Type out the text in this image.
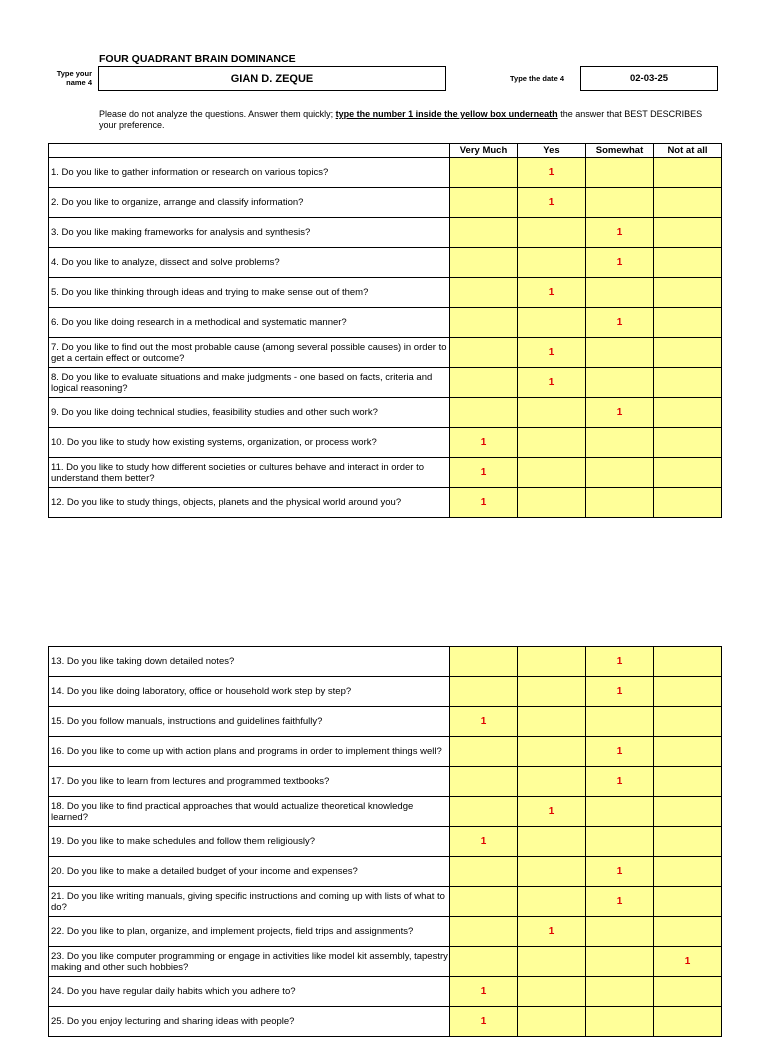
FOUR QUADRANT BRAIN DOMINANCE
Type your name 4	GIAN D. ZEQUE	Type the date 4	02-03-25
Please do not analyze the questions. Answer them quickly; type the number 1 inside the yellow box underneath the answer that BEST DESCRIBES your preference.
	Very Much	Yes	Somewhat	Not at all
1. Do you like to gather information or research on various topics?		1		
2. Do you like to organize, arrange and classify information?		1		
3. Do you like making frameworks for analysis and synthesis?			1	
4. Do you like to analyze, dissect and solve problems?			1	
5. Do you like thinking through ideas and trying to make sense out of them?		1		
6. Do you like doing research in a methodical and systematic manner?			1	
7. Do you like to find out the most probable cause (among several possible causes) in order to get a certain effect or outcome?		1		
8. Do you like to evaluate situations and make judgments - one based on facts, criteria and logical reasoning?		1		
9. Do you like doing technical studies, feasibility studies and other such work?			1	
10. Do you like to study how existing systems, organization, or process work?	1			
11. Do you like to study how different societies or cultures behave and interact in order to understand them better?	1			
12. Do you like to study things, objects, planets and the physical world around you?	1			
13. Do you like taking down detailed notes?			1	
14. Do you like doing laboratory, office or household work step by step?			1	
15. Do you follow manuals, instructions and guidelines faithfully?	1			
16. Do you like to come up with action plans and programs in order to implement things well?			1	
17. Do you like to learn from lectures and programmed textbooks?			1	
18. Do you like to find practical approaches that would actualize theoretical knowledge learned?		1		
19. Do you like to make schedules and follow them religiously?	1			
20. Do you like to make a detailed budget of your income and expenses?			1	
21. Do you like writing manuals, giving specific instructions and coming up with lists of what to do?			1	
22. Do you like to plan, organize, and implement projects, field trips and assignments?		1		
23. Do you like computer programming or engage in activities like model kit assembly, tapestry making and other such hobbies?				1
24. Do you have regular daily habits which you adhere to?	1			
25. Do you enjoy lecturing and sharing ideas with people?	1			
